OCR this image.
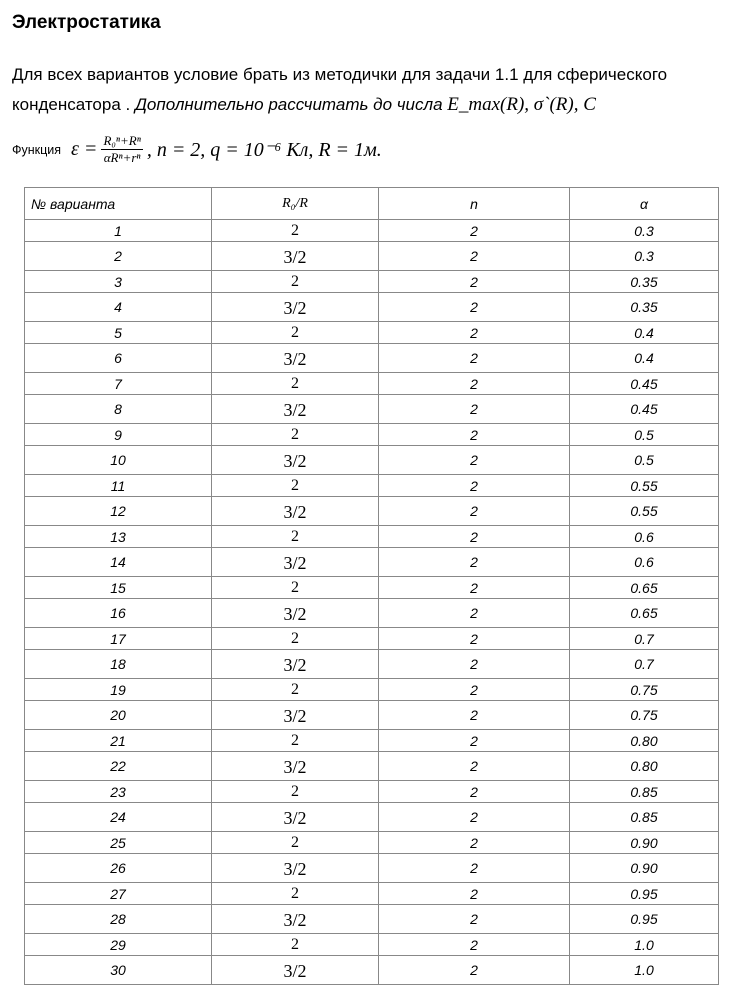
Электростатика
Для всех вариантов условие брать из методички для задачи 1.1 для сферического
конденсатора . Дополнительно рассчитать до числа E_max(R), σ`(R), C
Функция $\varepsilon = \frac{\text{R₀ⁿ+Rⁿ}}{\text{αRⁿ+rⁿ}}$ , n = 2, q = 10⁻⁶ Кл, R = 1м.
№ варианта	R₀/R	n	α
1	2	2	0.3
2	3/2	2	0.3
3	2	2	0.35
4	3/2	2	0.35
5	2	2	0.4
6	3/2	2	0.4
7	2	2	0.45
8	3/2	2	0.45
9	2	2	0.5
10	3/2	2	0.5
11	2	2	0.55
12	3/2	2	0.55
13	2	2	0.6
14	3/2	2	0.6
15	2	2	0.65
16	3/2	2	0.65
17	2	2	0.7
18	3/2	2	0.7
19	2	2	0.75
20	3/2	2	0.75
21	2	2	0.80
22	3/2	2	0.80
23	2	2	0.85
24	3/2	2	0.85
25	2	2	0.90
26	3/2	2	0.90
27	2	2	0.95
28	3/2	2	0.95
29	2	2	1.0
30	3/2	2	1.0
